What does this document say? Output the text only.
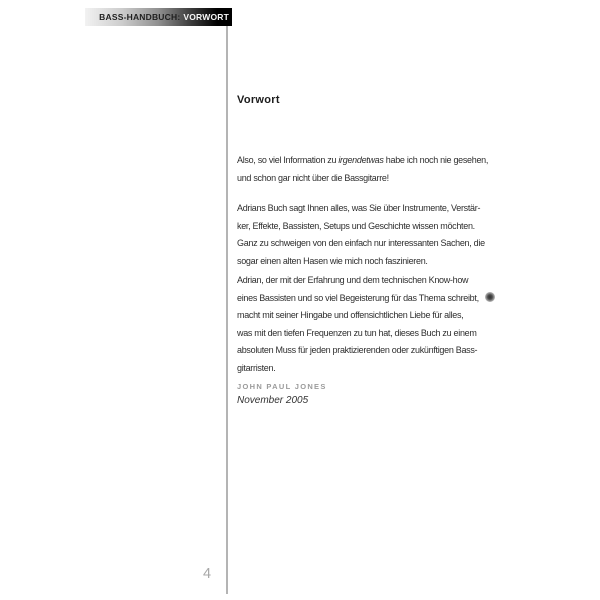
BASS-HANDBUCH: VORWORT
Vorwort
Also, so viel Information zu irgendetwas habe ich noch nie gesehen,
und schon gar nicht über die Bassgitarre!
Adrians Buch sagt Ihnen alles, was Sie über Instrumente, Verstär-
ker, Effekte, Bassisten, Setups und Geschichte wissen möchten.
Ganz zu schweigen von den einfach nur interessanten Sachen, die
sogar einen alten Hasen wie mich noch faszinieren.
Adrian, der mit der Erfahrung und dem technischen Know-how
eines Bassisten und so viel Begeisterung für das Thema schreibt,
macht mit seiner Hingabe und offensichtlichen Liebe für alles,
was mit den tiefen Frequenzen zu tun hat, dieses Buch zu einem
absoluten Muss für jeden praktizierenden oder zukünftigen Bass-
gitarristen.
JOHN PAUL JONES
November 2005
4
